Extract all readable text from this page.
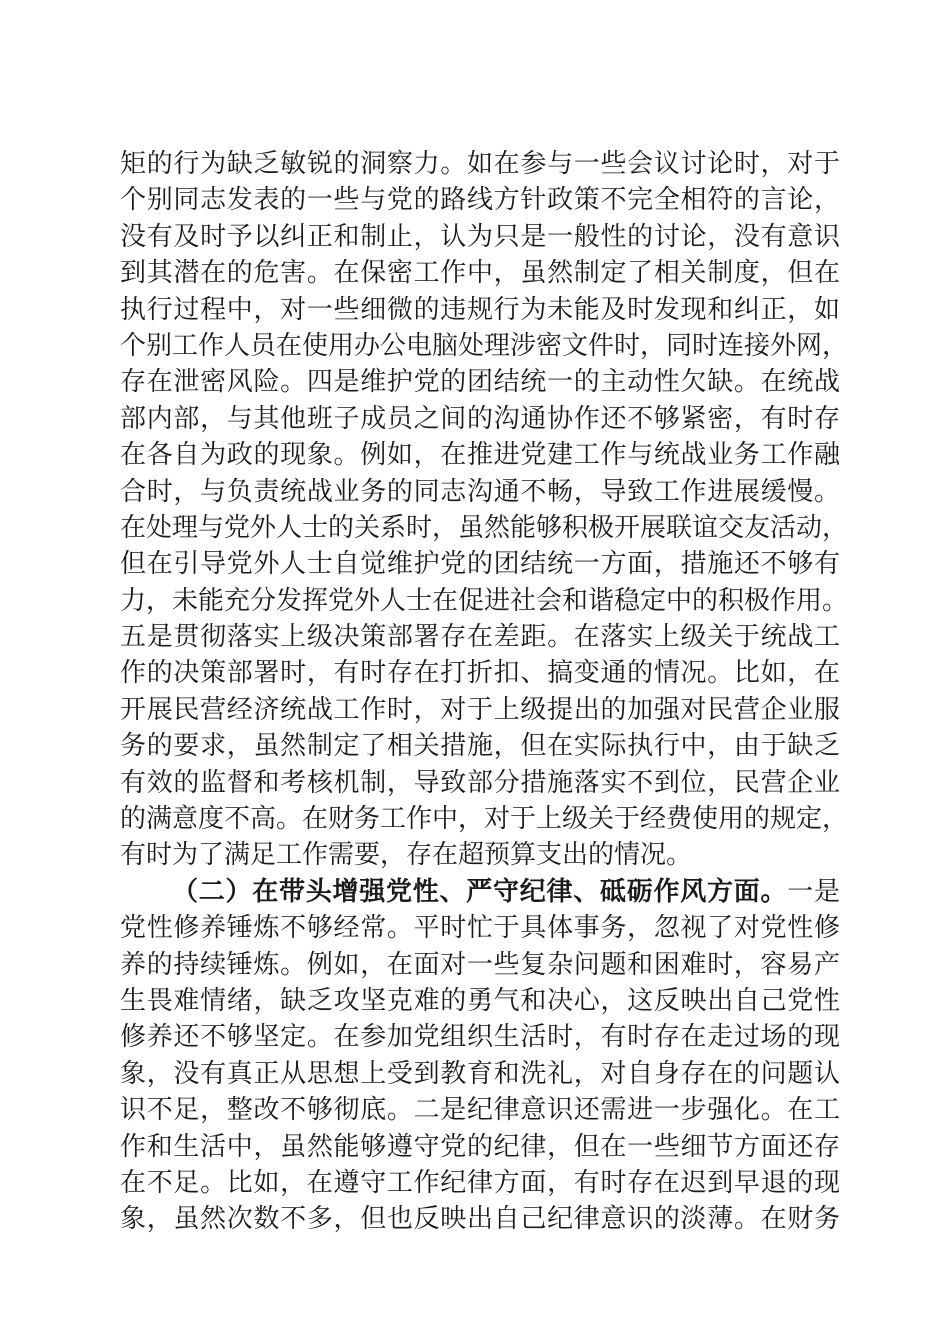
矩的行为缺乏敏锐的洞察力。如在参与一些会议讨论时，对于
个别同志发表的一些与党的路线方针政策不完全相符的言论，
没有及时予以纠正和制止，认为只是一般性的讨论，没有意识
到其潜在的危害。在保密工作中，虽然制定了相关制度，但在
执行过程中，对一些细微的违规行为未能及时发现和纠正，如
个别工作人员在使用办公电脑处理涉密文件时，同时连接外网，
存在泄密风险。四是维护党的团结统一的主动性欠缺。在统战
部内部，与其他班子成员之间的沟通协作还不够紧密，有时存
在各自为政的现象。例如，在推进党建工作与统战业务工作融
合时，与负责统战业务的同志沟通不畅，导致工作进展缓慢。
在处理与党外人士的关系时，虽然能够积极开展联谊交友活动，
但在引导党外人士自觉维护党的团结统一方面，措施还不够有
力，未能充分发挥党外人士在促进社会和谐稳定中的积极作用。
五是贯彻落实上级决策部署存在差距。在落实上级关于统战工
作的决策部署时，有时存在打折扣、搞变通的情况。比如，在
开展民营经济统战工作时，对于上级提出的加强对民营企业服
务的要求，虽然制定了相关措施，但在实际执行中，由于缺乏
有效的监督和考核机制，导致部分措施落实不到位，民营企业
的满意度不高。在财务工作中，对于上级关于经费使用的规定，
有时为了满足工作需要，存在超预算支出的情况。
（二）在带头增强党性、严守纪律、砥砺作风方面。一是
党性修养锤炼不够经常。平时忙于具体事务，忽视了对党性修
养的持续锤炼。例如，在面对一些复杂问题和困难时，容易产
生畏难情绪，缺乏攻坚克难的勇气和决心，这反映出自己党性
修养还不够坚定。在参加党组织生活时，有时存在走过场的现
象，没有真正从思想上受到教育和洗礼，对自身存在的问题认
识不足，整改不够彻底。二是纪律意识还需进一步强化。在工
作和生活中，虽然能够遵守党的纪律，但在一些细节方面还存
在不足。比如，在遵守工作纪律方面，有时存在迟到早退的现
象，虽然次数不多，但也反映出自己纪律意识的淡薄。在财务
